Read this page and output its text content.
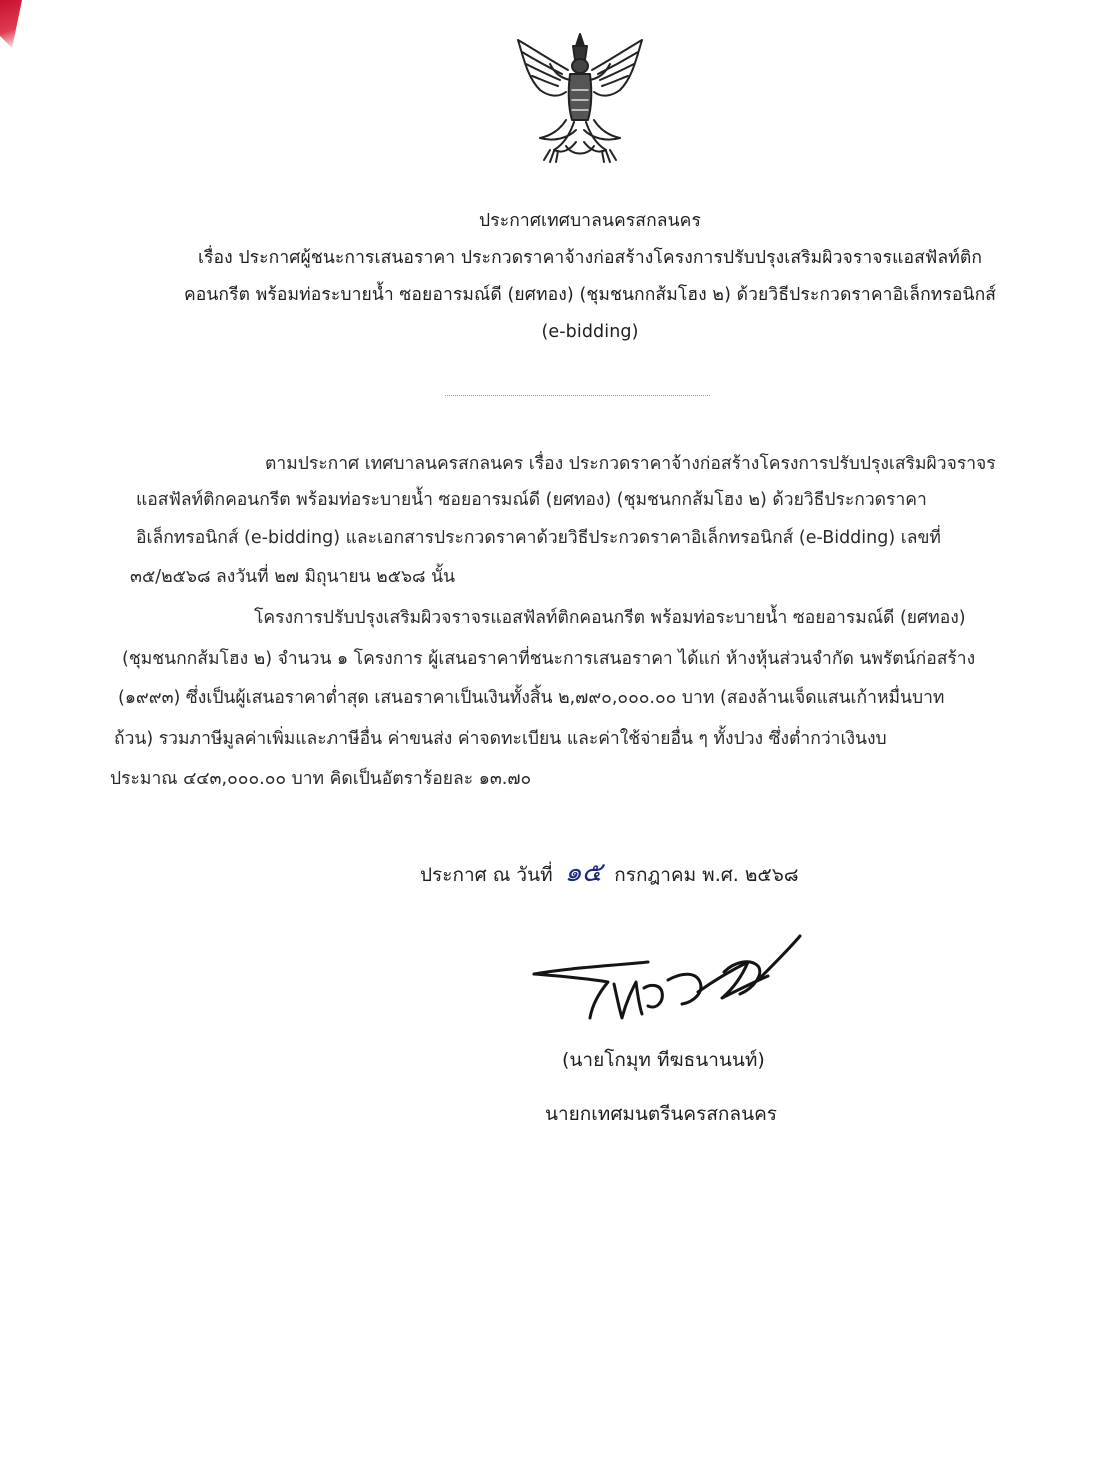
ประกาศเทศบาลนครสกลนคร
เรื่อง ประกาศผู้ชนะการเสนอราคา ประกวดราคาจ้างก่อสร้างโครงการปรับปรุงเสริมผิวจราจรแอสฟัลท์ติก
คอนกรีต พร้อมท่อระบายน้ำ ซอยอารมณ์ดี (ยศทอง) (ชุมชนกกส้มโฮง ๒) ด้วยวิธีประกวดราคาอิเล็กทรอนิกส์
(e-bidding)
ตามประกาศ เทศบาลนครสกลนคร เรื่อง ประกวดราคาจ้างก่อสร้างโครงการปรับปรุงเสริมผิวจราจร
แอสฟัลท์ติกคอนกรีต พร้อมท่อระบายน้ำ ซอยอารมณ์ดี (ยศทอง) (ชุมชนกกส้มโฮง ๒) ด้วยวิธีประกวดราคา
อิเล็กทรอนิกส์ (e-bidding) และเอกสารประกวดราคาด้วยวิธีประกวดราคาอิเล็กทรอนิกส์ (e-Bidding) เลขที่
๓๕/๒๕๖๘ ลงวันที่ ๒๗ มิถุนายน ๒๕๖๘ นั้น
โครงการปรับปรุงเสริมผิวจราจรแอสฟัลท์ติกคอนกรีต พร้อมท่อระบายน้ำ ซอยอารมณ์ดี (ยศทอง)
(ชุมชนกกส้มโฮง ๒) จำนวน ๑ โครงการ ผู้เสนอราคาที่ชนะการเสนอราคา ได้แก่ ห้างหุ้นส่วนจำกัด นพรัตน์ก่อสร้าง
(๑๙๙๓) ซึ่งเป็นผู้เสนอราคาต่ำสุด เสนอราคาเป็นเงินทั้งสิ้น ๒,๗๙๐,๐๐๐.๐๐ บาท (สองล้านเจ็ดแสนเก้าหมื่นบาท
ถ้วน) รวมภาษีมูลค่าเพิ่มและภาษีอื่น ค่าขนส่ง ค่าจดทะเบียน และค่าใช้จ่ายอื่น ๆ ทั้งปวง ซึ่งต่ำกว่าเงินงบ
ประมาณ ๔๔๓,๐๐๐.๐๐ บาท คิดเป็นอัตราร้อยละ ๑๓.๗๐
ประกาศ ณ วันที่ ๑๕ กรกฎาคม พ.ศ. ๒๕๖๘
(นายโกมุท ทีฆธนานนท์)
นายกเทศมนตรีนครสกลนคร
